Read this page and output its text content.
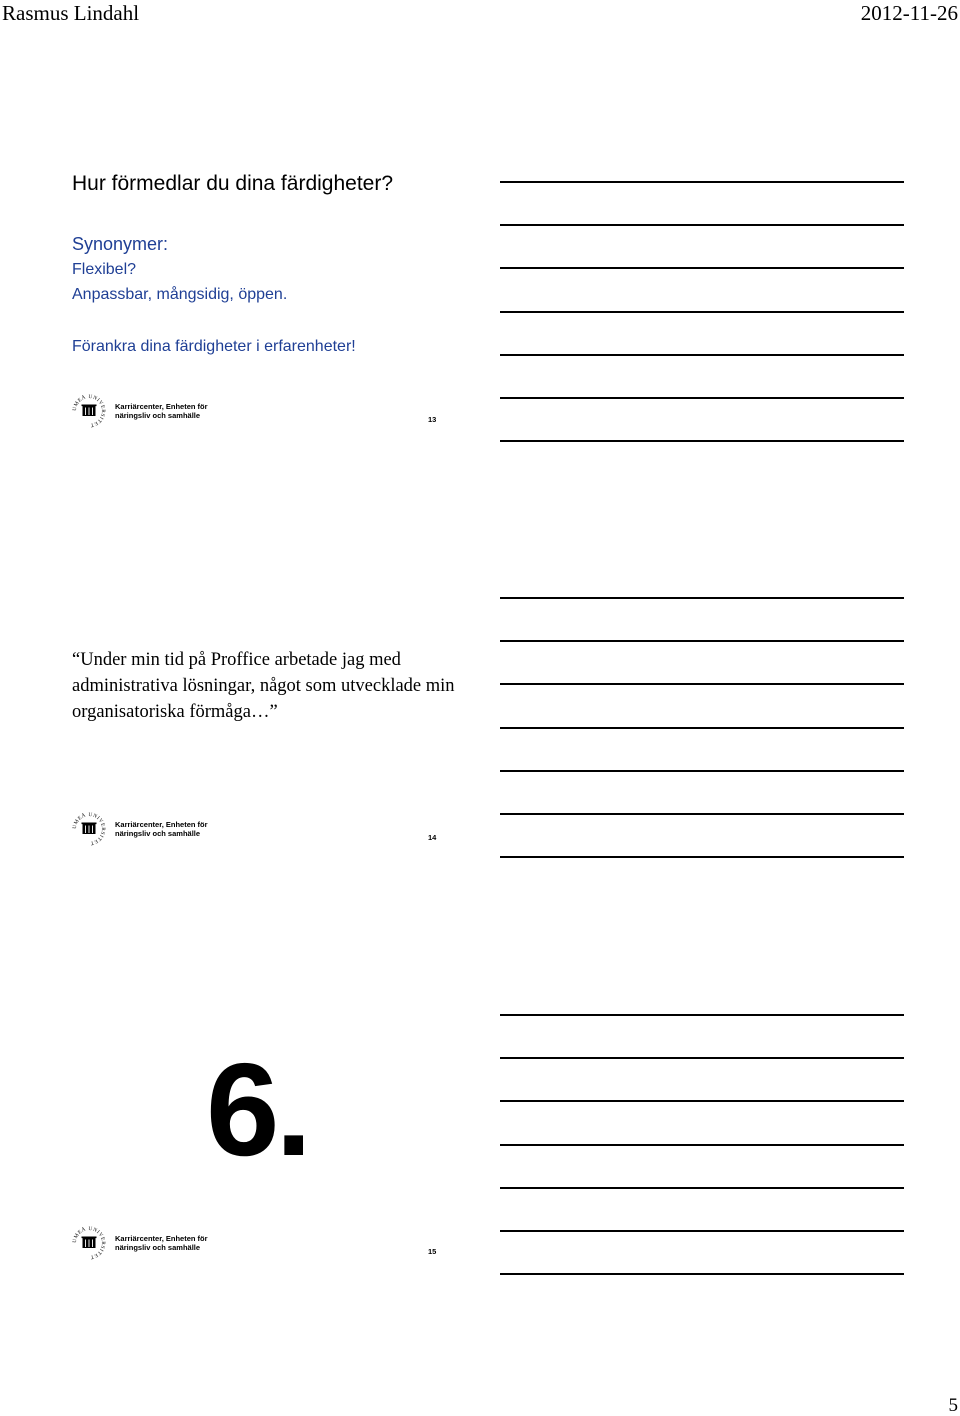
Rasmus Lindahl	2012-11-26
Hur förmedlar du dina färdigheter?
Synonymer:
Flexibel?
Anpassbar, mångsidig, öppen.
Förankra dina färdigheter i erfarenheter!
UMEÅ UNIVERSITET
Karriärcenter, Enheten för näringsliv och samhälle	13
“Under min tid på Proffice arbetade jag med administrativa lösningar, något som utvecklade min organisatoriska förmåga…”
UMEÅ UNIVERSITET
Karriärcenter, Enheten för näringsliv och samhälle	14
6.
UMEÅ UNIVERSITET
Karriärcenter, Enheten för näringsliv och samhälle	15
5
